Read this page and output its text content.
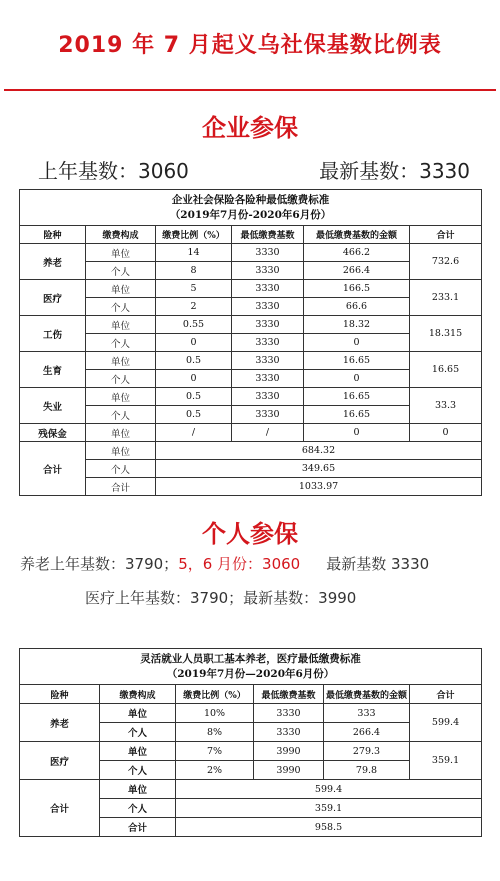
2019 年 7 月起义乌社保基数比例表
企业参保
上年基数：3060	最新基数：3330
企业社会保险各险种最低缴费标准
（2019年7月份-2020年6月份）					

险种	缴费构成	缴费比例（%）	最低缴费基数	最低缴费基数的金额	合计
养老	单位	14	3330	466.2	732.6
	个人	8	3330	266.4	
医疗	单位	5	3330	166.5	233.1
	个人	2	3330	66.6	
工伤	单位	0.55	3330	18.32	18.315
	个人	0	3330	0	
生育	单位	0.5	3330	16.65	16.65
	个人	0	3330	0	
失业	单位	0.5	3330	16.65	33.3
	个人	0.5	3330	16.65	
残保金	单位	/	/	0	0
合计	单位	684.32			
	个人	349.65			
	合计	1033.97			
个人参保
养老上年基数：3790；5，6 月份：3060 最新基数 3330
医疗上年基数：3790；最新基数：3990
灵活就业人员职工基本养老，医疗最低缴费标准
（2019年7月份—2020年6月份）					

险种	缴费构成	缴费比例（%）	最低缴费基数	最低缴费基数的金额	合计
养老	单位	10%	3330	333	599.4
	个人	8%	3330	266.4	
医疗	单位	7%	3990	279.3	359.1
	个人	2%	3990	79.8	
合计	单位	599.4			
	个人	359.1			
	合计	958.5			
